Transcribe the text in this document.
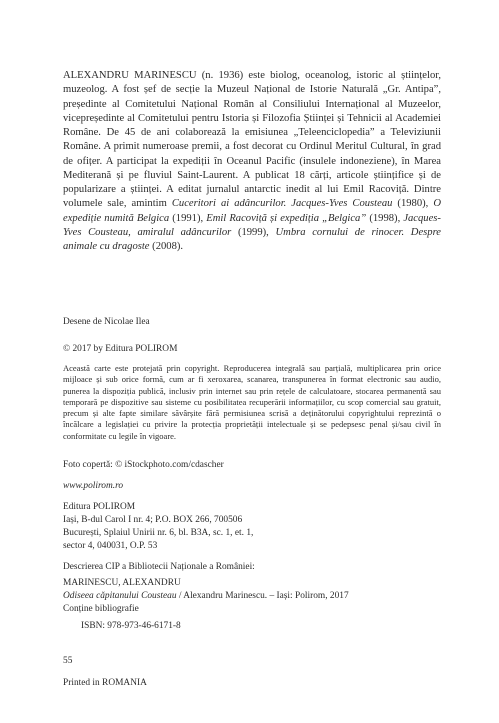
ALEXANDRU MARINESCU (n. 1936) este biolog, oceanolog, istoric al științelor, muzeolog. A fost șef de secție la Muzeul Național de Istorie Naturală „Gr. Antipa”, președinte al Comitetului Național Român al Consiliului Internațional al Muzeelor, vicepreședinte al Comitetului pentru Istoria și Filozofia Științei și Tehnicii al Academiei Române. De 45 de ani colaborează la emisiunea „Teleenciclopedia” a Televiziunii Române. A primit numeroase premii, a fost decorat cu Ordinul Meritul Cultural, în grad de ofițer. A participat la expediții în Oceanul Pacific (insulele indoneziene), în Marea Mediterană și pe fluviul Saint-Laurent. A publicat 18 cărți, articole științifice și de popularizare a științei. A editat jurnalul antarctic inedit al lui Emil Racoviță. Dintre volumele sale, amintim Cuceritori ai adâncurilor. Jacques-Yves Cousteau (1980), O expediție numită Belgica (1991), Emil Racoviță și expediția „Belgica” (1998), Jacques-Yves Cousteau, amiralul adâncurilor (1999), Umbra cornului de rinocer. Despre animale cu dragoste (2008).
Desene de Nicolae Ilea
© 2017 by Editura POLIROM
Această carte este protejată prin copyright. Reproducerea integrală sau parțială, multiplicarea prin orice mijloace și sub orice formă, cum ar fi xeroxarea, scanarea, transpunerea în format electronic sau audio, punerea la dispoziția publică, inclusiv prin internet sau prin rețele de calculatoare, stocarea permanentă sau temporară pe dispozitive sau sisteme cu posibilitatea recuperării informațiilor, cu scop comercial sau gratuit, precum și alte fapte similare săvârșite fără permisiunea scrisă a deținătorului copyrightului reprezintă o încălcare a legislației cu privire la protecția proprietății intelectuale și se pedepsesc penal și/sau civil în conformitate cu legile în vigoare.
Foto copertă: © iStockphoto.com/cdascher
www.polirom.ro
Editura POLIROM
Iași, B-dul Carol I nr. 4; P.O. BOX 266, 700506
București, Splaiul Unirii nr. 6, bl. B3A, sc. 1, et. 1,
sector 4, 040031, O.P. 53
Descrierea CIP a Bibliotecii Naționale a României:
MARINESCU, ALEXANDRU
Odiseea căpitanului Cousteau / Alexandru Marinescu. – Iași: Polirom, 2017
Conține bibliografie
ISBN: 978-973-46-6171-8
55
Printed in ROMANIA
